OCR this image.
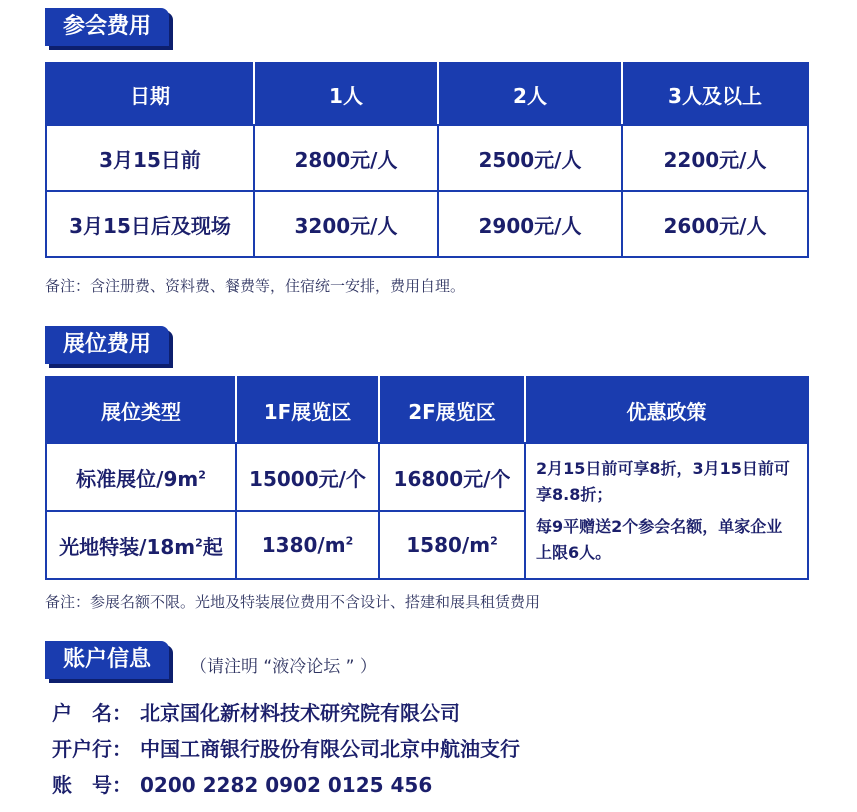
参会费用
日期	1人	2人	3人及以上
3月15日前	2800元/人	2500元/人	2200元/人
3月15日后及现场	3200元/人	2900元/人	2600元/人
备注：含注册费、资料费、餐费等，住宿统一安排，费用自理。
展位费用
展位类型	1F展览区	2F展览区	优惠政策
标准展位$/9m^2$	15000元/个	16800元/个	2月15日前可享8折，3月15日前可享8.8折；
每9平赠送2个参会名额，单家企业上限6人。

光地特装$/18m^2$起	$1380/m^2$	$1580/m^2$
备注：参展名额不限。光地及特装展位费用不含设计、搭建和展具租赁费用
账户信息	（请注明 “液冷论坛 ” ）
户　名： 北京国化新材料技术研究院有限公司
开户行： 中国工商银行股份有限公司北京中航油支行
账　号： 0200 2282 0902 0125 456
